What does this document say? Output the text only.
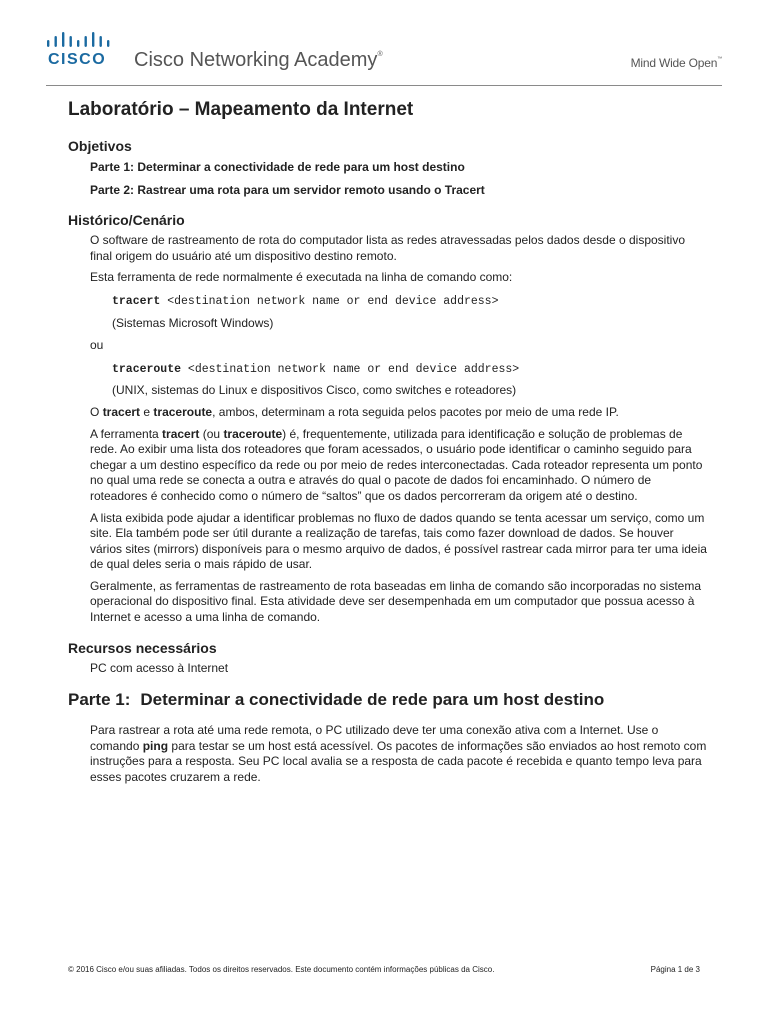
CISCO Cisco Networking Academy®
Mind Wide Open™
Laboratório – Mapeamento da Internet
Objetivos

Parte 1: Determinar a conectividade de rede para um host destino

Parte 2: Rastrear uma rota para um servidor remoto usando o Tracert

Histórico/Cenário

O software de rastreamento de rota do computador lista as redes atravessadas pelos dados desde o dispositivo final origem do usuário até um dispositivo destino remoto.

Esta ferramenta de rede normalmente é executada na linha de comando como:

tracert <destination network name or end device address>

(Sistemas Microsoft Windows)

ou

traceroute <destination network name or end device address>

(UNIX, sistemas do Linux e dispositivos Cisco, como switches e roteadores)

O tracert e traceroute, ambos, determinam a rota seguida pelos pacotes por meio de uma rede IP.

A ferramenta tracert (ou traceroute) é, frequentemente, utilizada para identificação e solução de problemas de rede. Ao exibir uma lista dos roteadores que foram acessados, o usuário pode identificar o caminho seguido para chegar a um destino específico da rede ou por meio de redes interconectadas. Cada roteador representa um ponto no qual uma rede se conecta a outra e através do qual o pacote de dados foi encaminhado. O número de roteadores é conhecido como o número de “saltos” que os dados percorreram da origem até o destino.

A lista exibida pode ajudar a identificar problemas no fluxo de dados quando se tenta acessar um serviço, como um site. Ela também pode ser útil durante a realização de tarefas, tais como fazer download de dados. Se houver vários sites (mirrors) disponíveis para o mesmo arquivo de dados, é possível rastrear cada mirror para ter uma ideia de qual deles seria o mais rápido de usar.

Geralmente, as ferramentas de rastreamento de rota baseadas em linha de comando são incorporadas no sistema operacional do dispositivo final. Esta atividade deve ser desempenhada em um computador que possua acesso à Internet e acesso a uma linha de comando.

Recursos necessários

PC com acesso à Internet

Parte 1: Determinar a conectividade de rede para um host destino

Para rastrear a rota até uma rede remota, o PC utilizado deve ter uma conexão ativa com a Internet. Use o comando ping para testar se um host está acessível. Os pacotes de informações são enviados ao host remoto com instruções para a resposta. Seu PC local avalia se a resposta de cada pacote é recebida e quanto tempo leva para esses pacotes cruzarem a rede.

© 2016 Cisco e/ou suas afiliadas. Todos os direitos reservados. Este documento contém informações públicas da Cisco.	Página 1 de 3
